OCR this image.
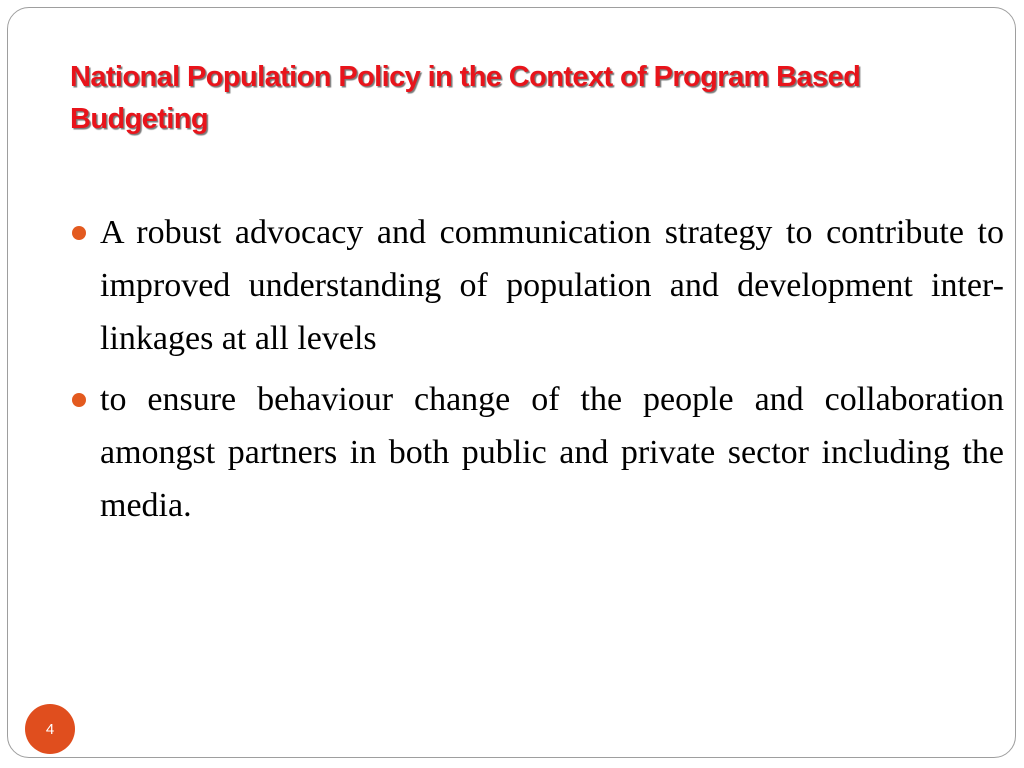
National Population Policy in the Context of Program Based Budgeting
A robust advocacy and communication strategy to contribute to improved understanding of population and development inter-linkages at all levels
to ensure behaviour change of the people and collaboration amongst partners in both public and private sector including the media.
4
